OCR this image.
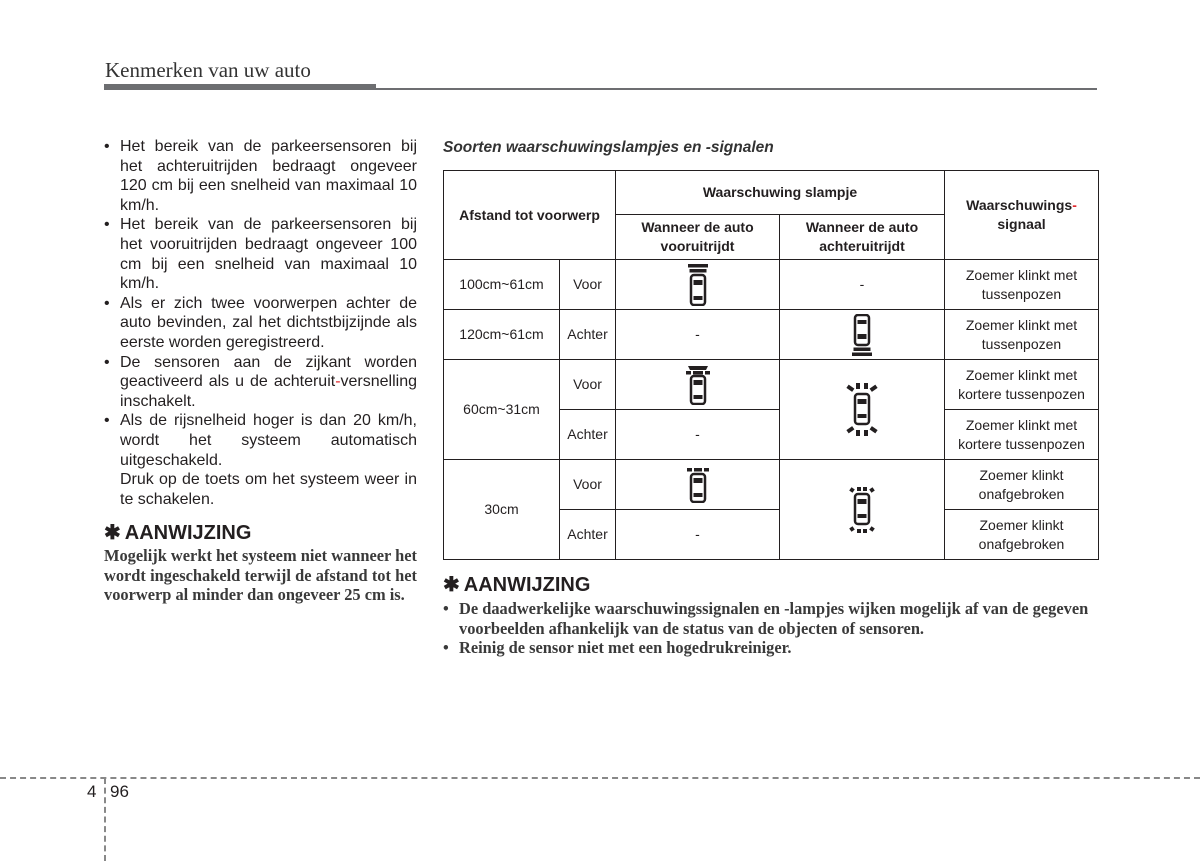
Kenmerken van uw auto
• Het bereik van de parkeersensoren bij het achteruitrijden bedraagt ongeveer 120 cm bij een snelheid van maximaal 10 km/h.
• Het bereik van de parkeersensoren bij het vooruitrijden bedraagt ongeveer 100 cm bij een snelheid van maximaal 10 km/h.
• Als er zich twee voorwerpen achter de auto bevinden, zal het dichtstbijzijnde als eerste worden geregistreerd.
• De sensoren aan de zijkant worden geactiveerd als u de achteruit-versnelling inschakelt.
• Als de rijsnelheid hoger is dan 20 km/h, wordt het systeem automatisch uitgeschakeld.

Druk op de toets om het systeem weer in te schakelen.

✱ AANWIJZING

Mogelijk werkt het systeem niet wanneer het wordt ingeschakeld terwijl de afstand tot het voorwerp al minder dan ongeveer 25 cm is.

Soorten waarschuwingslampjes en -signalen
Afstand tot voorwerp		Waarschuwing slampje		Waarschuwings-
signaal
		Wanneer de auto vooruitrijdt	Wanneer de auto achteruitrijdt	
100cm~61cm	Voor		-	Zoemer klinkt met tussenpozen
120cm~61cm	Achter	-		Zoemer klinkt met tussenpozen
60cm~31cm	Voor			Zoemer klinkt met kortere tussenpozen
	Achter	-		Zoemer klinkt met kortere tussenpozen
30cm	Voor			Zoemer klinkt onafgebroken
	Achter	-		Zoemer klinkt onafgebroken
✱ AANWIJZING
• De daadwerkelijke waarschuwingssignalen en -lampjes wijken mogelijk af van de gegeven voorbeelden afhankelijk van de status van de objecten of sensoren.
• Reinig de sensor niet met een hogedrukreiniger.
4 96
